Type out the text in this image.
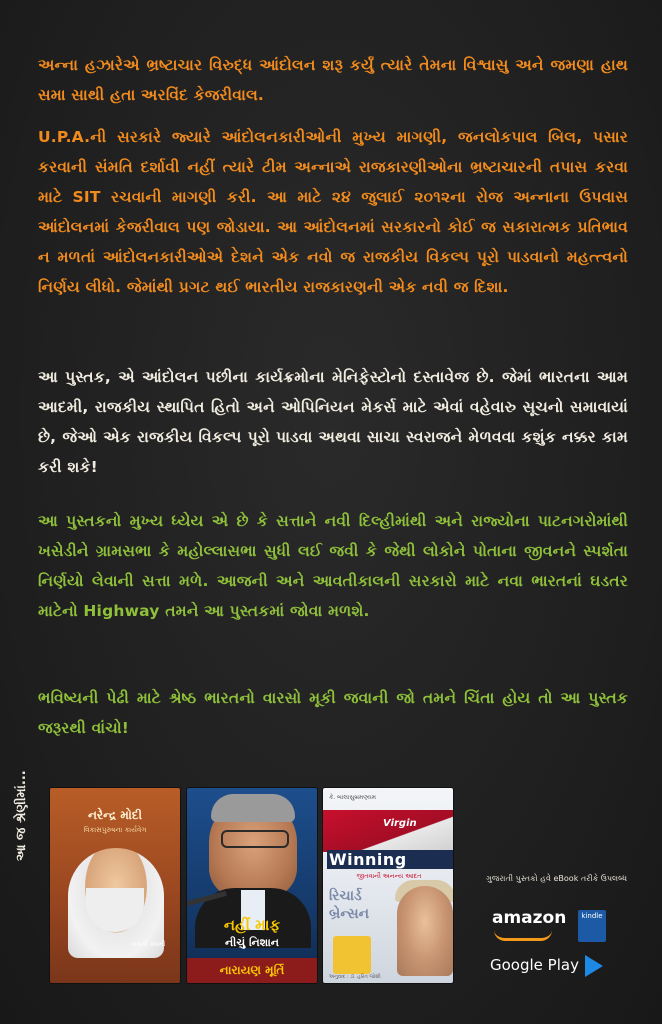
અન્ના હઝારેએ ભ્રષ્ટાચાર વિરુદ્ધ આંદોલન શરૂ કર્યું ત્યારે તેમના વિશ્વાસુ અને જમણા હાથ સમા સાથી હતા અરવિંદ કેજરીવાલ.

U.P.A.ની સરકારે જ્યારે આંદોલનકારીઓની મુખ્ય માગણી, જનલોકપાલ બિલ, પસાર કરવાની સંમતિ દર્શાવી નહીં ત્યારે ટીમ અન્નાએ રાજકારણીઓના ભ્રષ્ટાચારની તપાસ કરવા માટે SIT રચવાની માગણી કરી. આ માટે ૨૪ જુલાઈ ૨૦૧૨ના રોજ અન્નાના ઉપવાસ આંદોલનમાં કેજરીવાલ પણ જોડાયા. આ આંદોલનમાં સરકારનો કોઈ જ સકારાત્મક પ્રતિભાવ ન મળતાં આંદોલનકારીઓએ દેશને એક નવો જ રાજકીય વિકલ્પ પૂરો પાડવાનો મહત્ત્વનો નિર્ણય લીધો. જેમાંથી પ્રગટ થઈ ભારતીય રાજકારણની એક નવી જ દિશા.

આ પુસ્તક, એ આંદોલન પછીના કાર્યક્રમોના મેનિફેસ્ટોનો દસ્તાવેજ છે. જેમાં ભારતના આમ આદમી, રાજકીય સ્થાપિત હિતો અને ઓપિનિયન મેકર્સ માટે એવાં વહેવારુ સૂચનો સમાવાયાં છે, જેઓ એક રાજકીય વિકલ્પ પૂરો પાડવા અથવા સાચા સ્વરાજને મેળવવા કશુંક નક્કર કામ કરી શકે!

આ પુસ્તકનો મુખ્ય ધ્યેય એ છે કે સત્તાને નવી દિલ્હીમાંથી અને રાજ્યોના પાટનગરોમાંથી ખસેડીને ગ્રામસભા કે મહોલ્લાસભા સુધી લઈ જવી કે જેથી લોકોને પોતાના જીવનને સ્પર્શતા નિર્ણયો લેવાની સત્તા મળે. આજની અને આવતીકાલની સરકારો માટે નવા ભારતનાં ઘડતર માટેનો Highway તમને આ પુસ્તકમાં જોવા મળશે.

ભવિષ્યની પેઢી માટે શ્રેષ્ઠ ભારતનો વારસો મૂકી જવાની જો તમને ચિંતા હોય તો આ પુસ્તક જરૂરથી વાંચો!

આ જ શ્રેણીમાં...	નરેન્દ્ર મોદી
વિકાસપુરુષના કાર્યવેગ
વાસંતી સ્વામી
નહીં માફ
નીચું નિશાન
નારાયણ મૂર્તિ
કે. બાલાસુબ્રમણ્યમ
Virgin
Winning
જીતવાની અનન્ય આદત
રિચાર્ડ
બ્રેન્સન
અનુવાદ : ડૉ. હરિત જોશી
ગુજરાતી પુસ્તકો હવે eBook તરીકે ઉપલબ્ધ
amazon	kindle
Google Play
